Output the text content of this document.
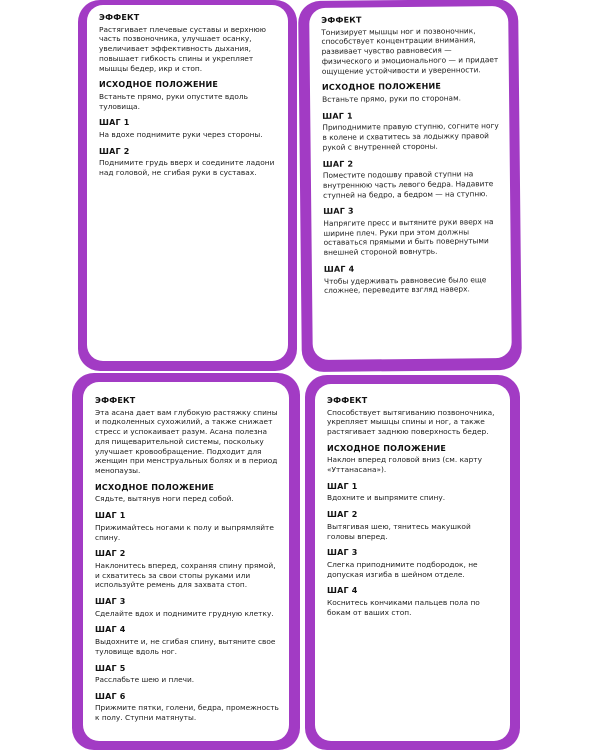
ЭФФЕКТ
Растягивает плечевые суставы и верхнюю часть позвоночника, улучшает осанку, увеличивает эффективность дыхания, повышает гибкость спины и укрепляет мышцы бедер, икр и стоп.
ИСХОДНОЕ ПОЛОЖЕНИЕ
Встаньте прямо, руки опустите вдоль туловища.
ШАГ 1
На вдохе поднимите руки через стороны.
ШАГ 2
Поднимите грудь вверх и соедините ладони над головой, не сгибая руки в суставах.
ЭФФЕКТ
Тонизирует мышцы ног и позвоночник, способствует концентрации внимания, развивает чувство равновесия — физического и эмоционального — и придает ощущение устойчивости и уверенности.
ИСХОДНОЕ ПОЛОЖЕНИЕ
Встаньте прямо, руки по сторонам.
ШАГ 1
Приподнимите правую ступню, согните ногу в колене и схватитесь за лодыжку правой рукой с внутренней стороны.
ШАГ 2
Поместите подошву правой ступни на внутреннюю часть левого бедра. Надавите ступней на бедро, а бедром — на ступню.
ШАГ 3
Напрягите пресс и вытяните руки вверх на ширине плеч. Руки при этом должны оставаться прямыми и быть повернутыми внешней стороной вовнутрь.
ШАГ 4
Чтобы удерживать равновесие было еще сложнее, переведите взгляд наверх.
ЭФФЕКТ
Эта асана дает вам глубокую растяжку спины и подколенных сухожилий, а также снижает стресс и успокаивает разум. Асана полезна для пищеварительной системы, поскольку улучшает кровообращение. Подходит для женщин при менструальных болях и в период менопаузы.
ИСХОДНОЕ ПОЛОЖЕНИЕ
Сядьте, вытянув ноги перед собой.
ШАГ 1
Прижимайтесь ногами к полу и выпрямляйте спину.
ШАГ 2
Наклонитесь вперед, сохраняя спину прямой, и схватитесь за свои стопы руками или используйте ремень для захвата стоп.
ШАГ 3
Сделайте вдох и поднимите грудную клетку.
ШАГ 4
Выдохните и, не сгибая спину, вытяните свое туловище вдоль ног.
ШАГ 5
Расслабьте шею и плечи.
ШАГ 6
Прижмите пятки, голени, бедра, промежность к полу. Ступни матянуты.
ЭФФЕКТ
Способствует вытягиванию позвоночника, укрепляет мышцы спины и ног, а также растягивает заднюю поверхность бедер.
ИСХОДНОЕ ПОЛОЖЕНИЕ
Наклон вперед головой вниз (см. карту «Уттанасана»).
ШАГ 1
Вдохните и выпрямите спину.
ШАГ 2
Вытягивая шею, тянитесь макушкой головы вперед.
ШАГ 3
Слегка приподнимите подбородок, не допуская изгиба в шейном отделе.
ШАГ 4
Коснитесь кончиками пальцев пола по бокам от ваших стоп.
